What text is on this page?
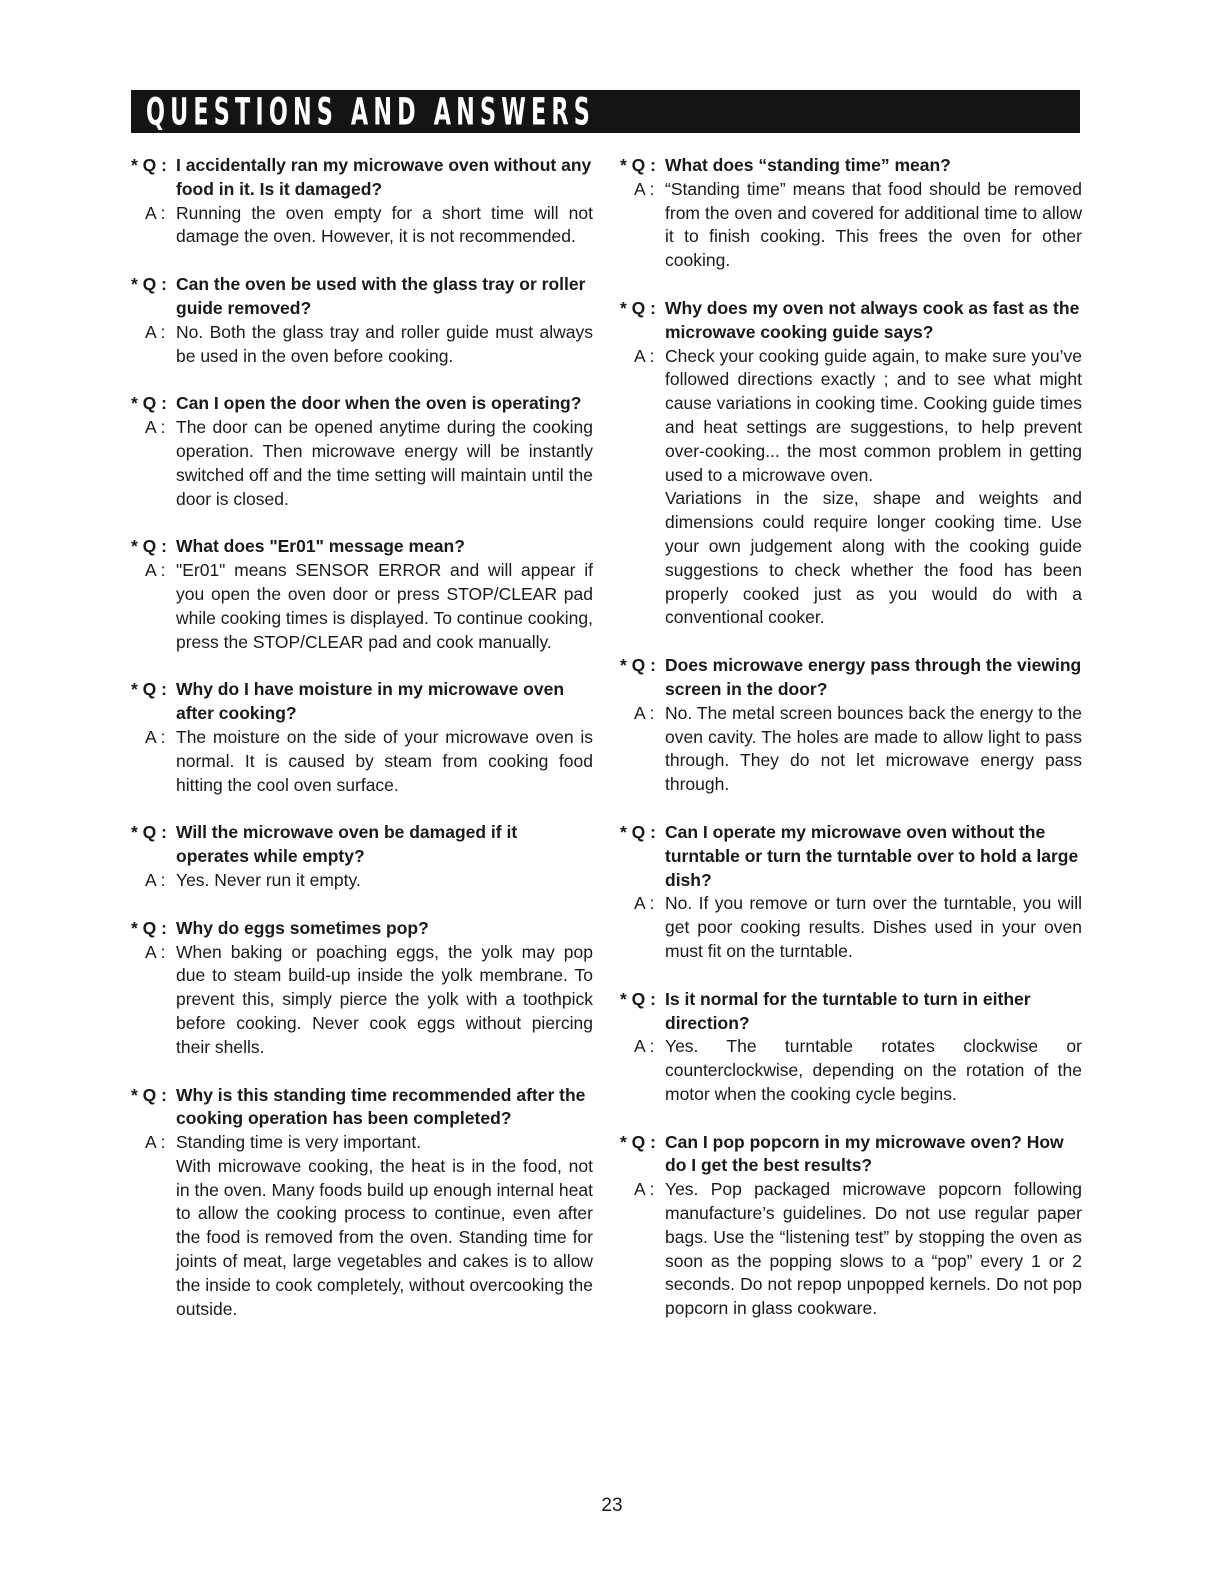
QUESTIONS AND ANSWERS
* Q : I accidentally ran my microwave oven without any food in it. Is it damaged?
A : Running the oven empty for a short time will not damage the oven. However, it is not recommended.

* Q : Can the oven be used with the glass tray or roller guide removed?
A : No. Both the glass tray and roller guide must always be used in the oven before cooking.

* Q : Can I open the door when the oven is operating?
A : The door can be opened anytime during the cooking operation. Then microwave energy will be instantly switched off and the time setting will maintain until the door is closed.

* Q : What does "Er01" message mean?
A : "Er01" means SENSOR ERROR and will appear if you open the oven door or press STOP/CLEAR pad while cooking times is displayed. To continue cooking, press the STOP/CLEAR pad and cook manually.

* Q : Why do I have moisture in my microwave oven after cooking?
A : The moisture on the side of your microwave oven is normal. It is caused by steam from cooking food hitting the cool oven surface.

* Q : Will the microwave oven be damaged if it operates while empty?
A : Yes. Never run it empty.

* Q : Why do eggs sometimes pop?
A : When baking or poaching eggs, the yolk may pop due to steam build-up inside the yolk membrane. To prevent this, simply pierce the yolk with a toothpick before cooking. Never cook eggs without piercing their shells.

* Q : Why is this standing time recommended after the cooking operation has been completed?
A : Standing time is very important.

With microwave cooking, the heat is in the food, not in the oven. Many foods build up enough internal heat to allow the cooking process to continue, even after the food is removed from the oven. Standing time for joints of meat, large vegetables and cakes is to allow the inside to cook completely, without overcooking the outside.

* Q : What does “standing time” mean?
A : “Standing time” means that food should be removed from the oven and covered for additional time to allow it to finish cooking. This frees the oven for other cooking.

* Q : Why does my oven not always cook as fast as the microwave cooking guide says?
A : Check your cooking guide again, to make sure you’ve followed directions exactly ; and to see what might cause variations in cooking time. Cooking guide times and heat settings are suggestions, to help prevent over-cooking... the most common problem in getting used to a microwave oven.

Variations in the size, shape and weights and dimensions could require longer cooking time. Use your own judgement along with the cooking guide suggestions to check whether the food has been properly cooked just as you would do with a conventional cooker.

* Q : Does microwave energy pass through the viewing screen in the door?
A : No. The metal screen bounces back the energy to the oven cavity. The holes are made to allow light to pass through. They do not let microwave energy pass through.

* Q : Can I operate my microwave oven without the turntable or turn the turntable over to hold a large dish?
A : No. If you remove or turn over the turntable, you will get poor cooking results. Dishes used in your oven must fit on the turntable.

* Q : Is it normal for the turntable to turn in either direction?
A : Yes. The turntable rotates clockwise or counterclockwise, depending on the rotation of the motor when the cooking cycle begins.

* Q : Can I pop popcorn in my microwave oven? How do I get the best results?
A : Yes. Pop packaged microwave popcorn following manufacture’s guidelines. Do not use regular paper bags. Use the “listening test” by stopping the oven as soon as the popping slows to a “pop” every 1 or 2 seconds. Do not repop unpopped kernels. Do not pop popcorn in glass cookware.

23
